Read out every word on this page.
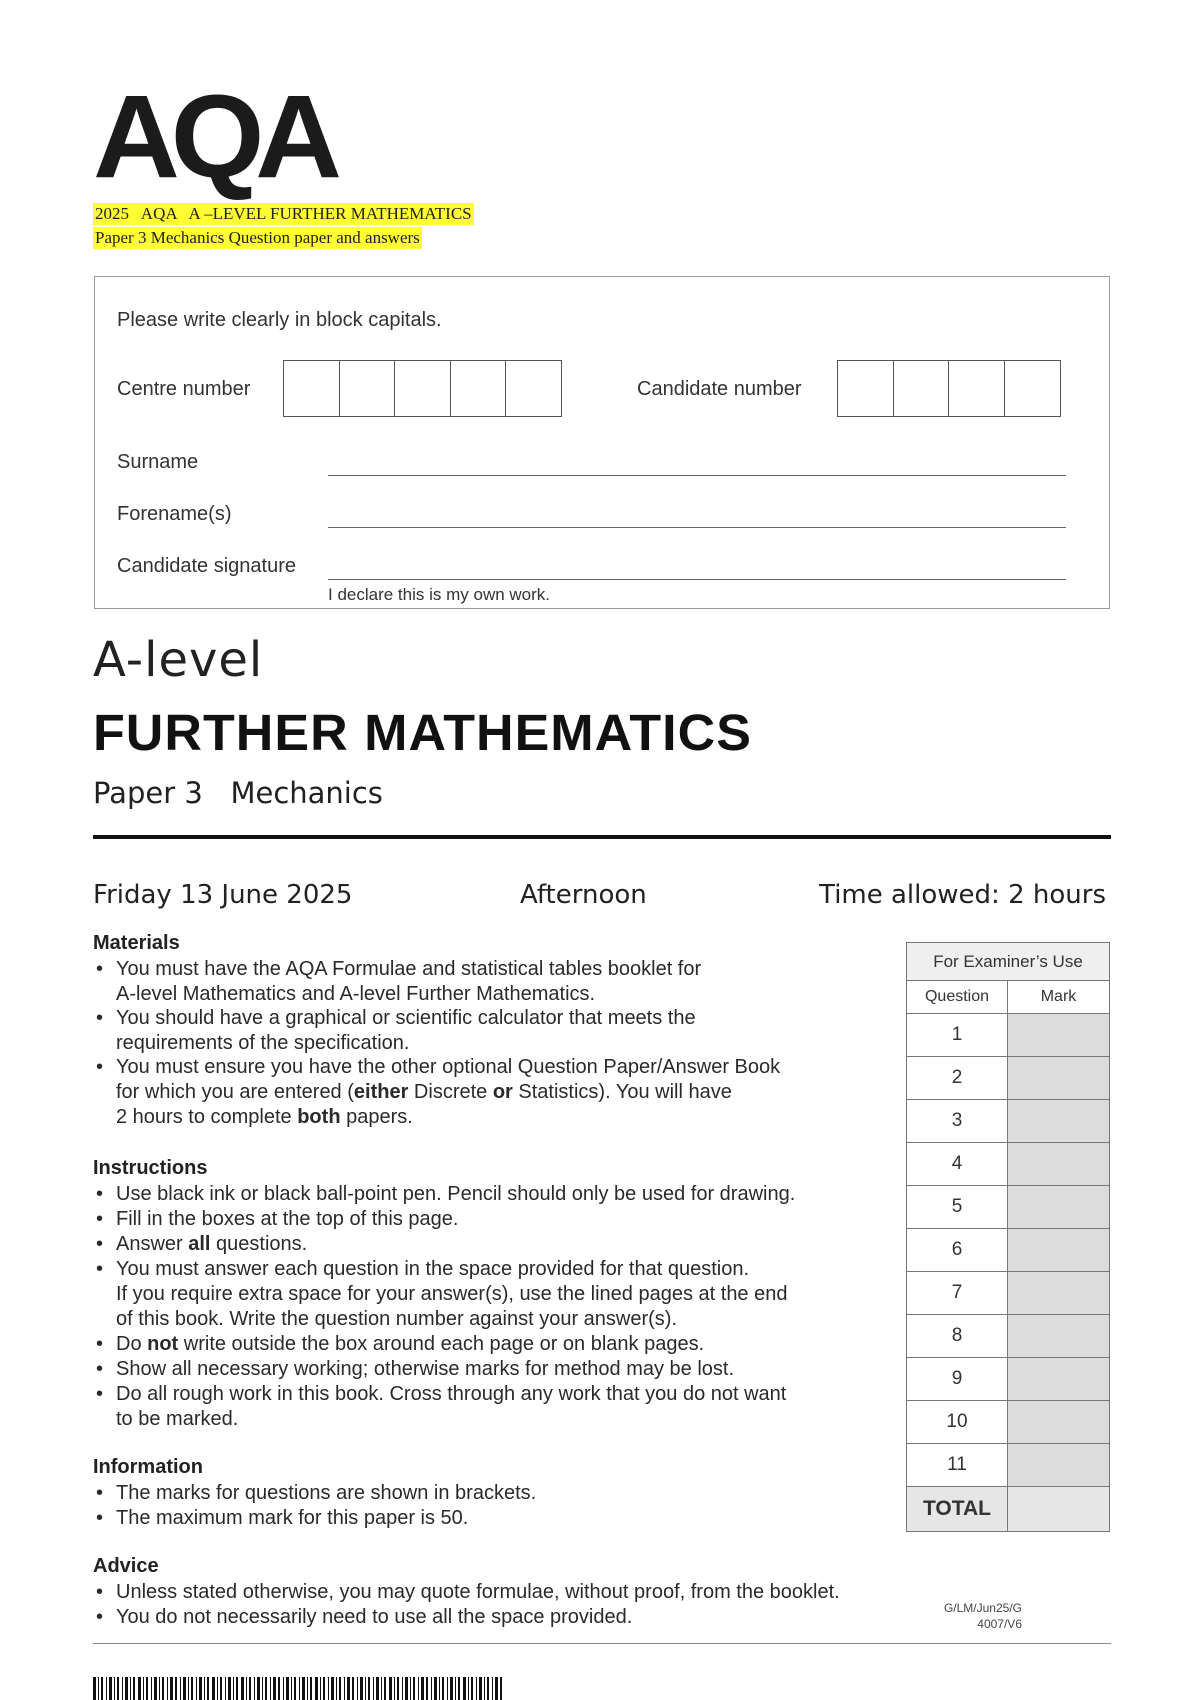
AQA
2025   AQA   A –LEVEL FURTHER MATHEMATICS
Paper 3 Mechanics Question paper and answers
Please write clearly in block capitals.
Centre number	Candidate number
Surname
Forename(s)
Candidate signature
I declare this is my own work.
A-level
FURTHER MATHEMATICS
Paper 3   Mechanics
Friday 13 June 2025	Afternoon	Time allowed: 2 hours
Materials
• You must have the AQA Formulae and statistical tables booklet for
A-level Mathematics and A-level Further Mathematics.
• You should have a graphical or scientific calculator that meets the
requirements of the specification.
• You must ensure you have the other optional Question Paper/Answer Book
for which you are entered (either Discrete or Statistics). You will have
2 hours to complete both papers.
Instructions
• Use black ink or black ball-point pen. Pencil should only be used for drawing.
• Fill in the boxes at the top of this page.
• Answer all questions.
• You must answer each question in the space provided for that question.
If you require extra space for your answer(s), use the lined pages at the end
of this book. Write the question number against your answer(s).
• Do not write outside the box around each page or on blank pages.
• Show all necessary working; otherwise marks for method may be lost.
• Do all rough work in this book. Cross through any work that you do not want
to be marked.
Information
• The marks for questions are shown in brackets.
• The maximum mark for this paper is 50.
Advice
• Unless stated otherwise, you may quote formulae, without proof, from the booklet.
• You do not necessarily need to use all the space provided.
For Examiner’s Use	
Question	Mark
1	
2	
3	
4	
5	
6	
7	
8	
9	
10	
11	
TOTAL	
G/LM/Jun25/G
4007/V6
